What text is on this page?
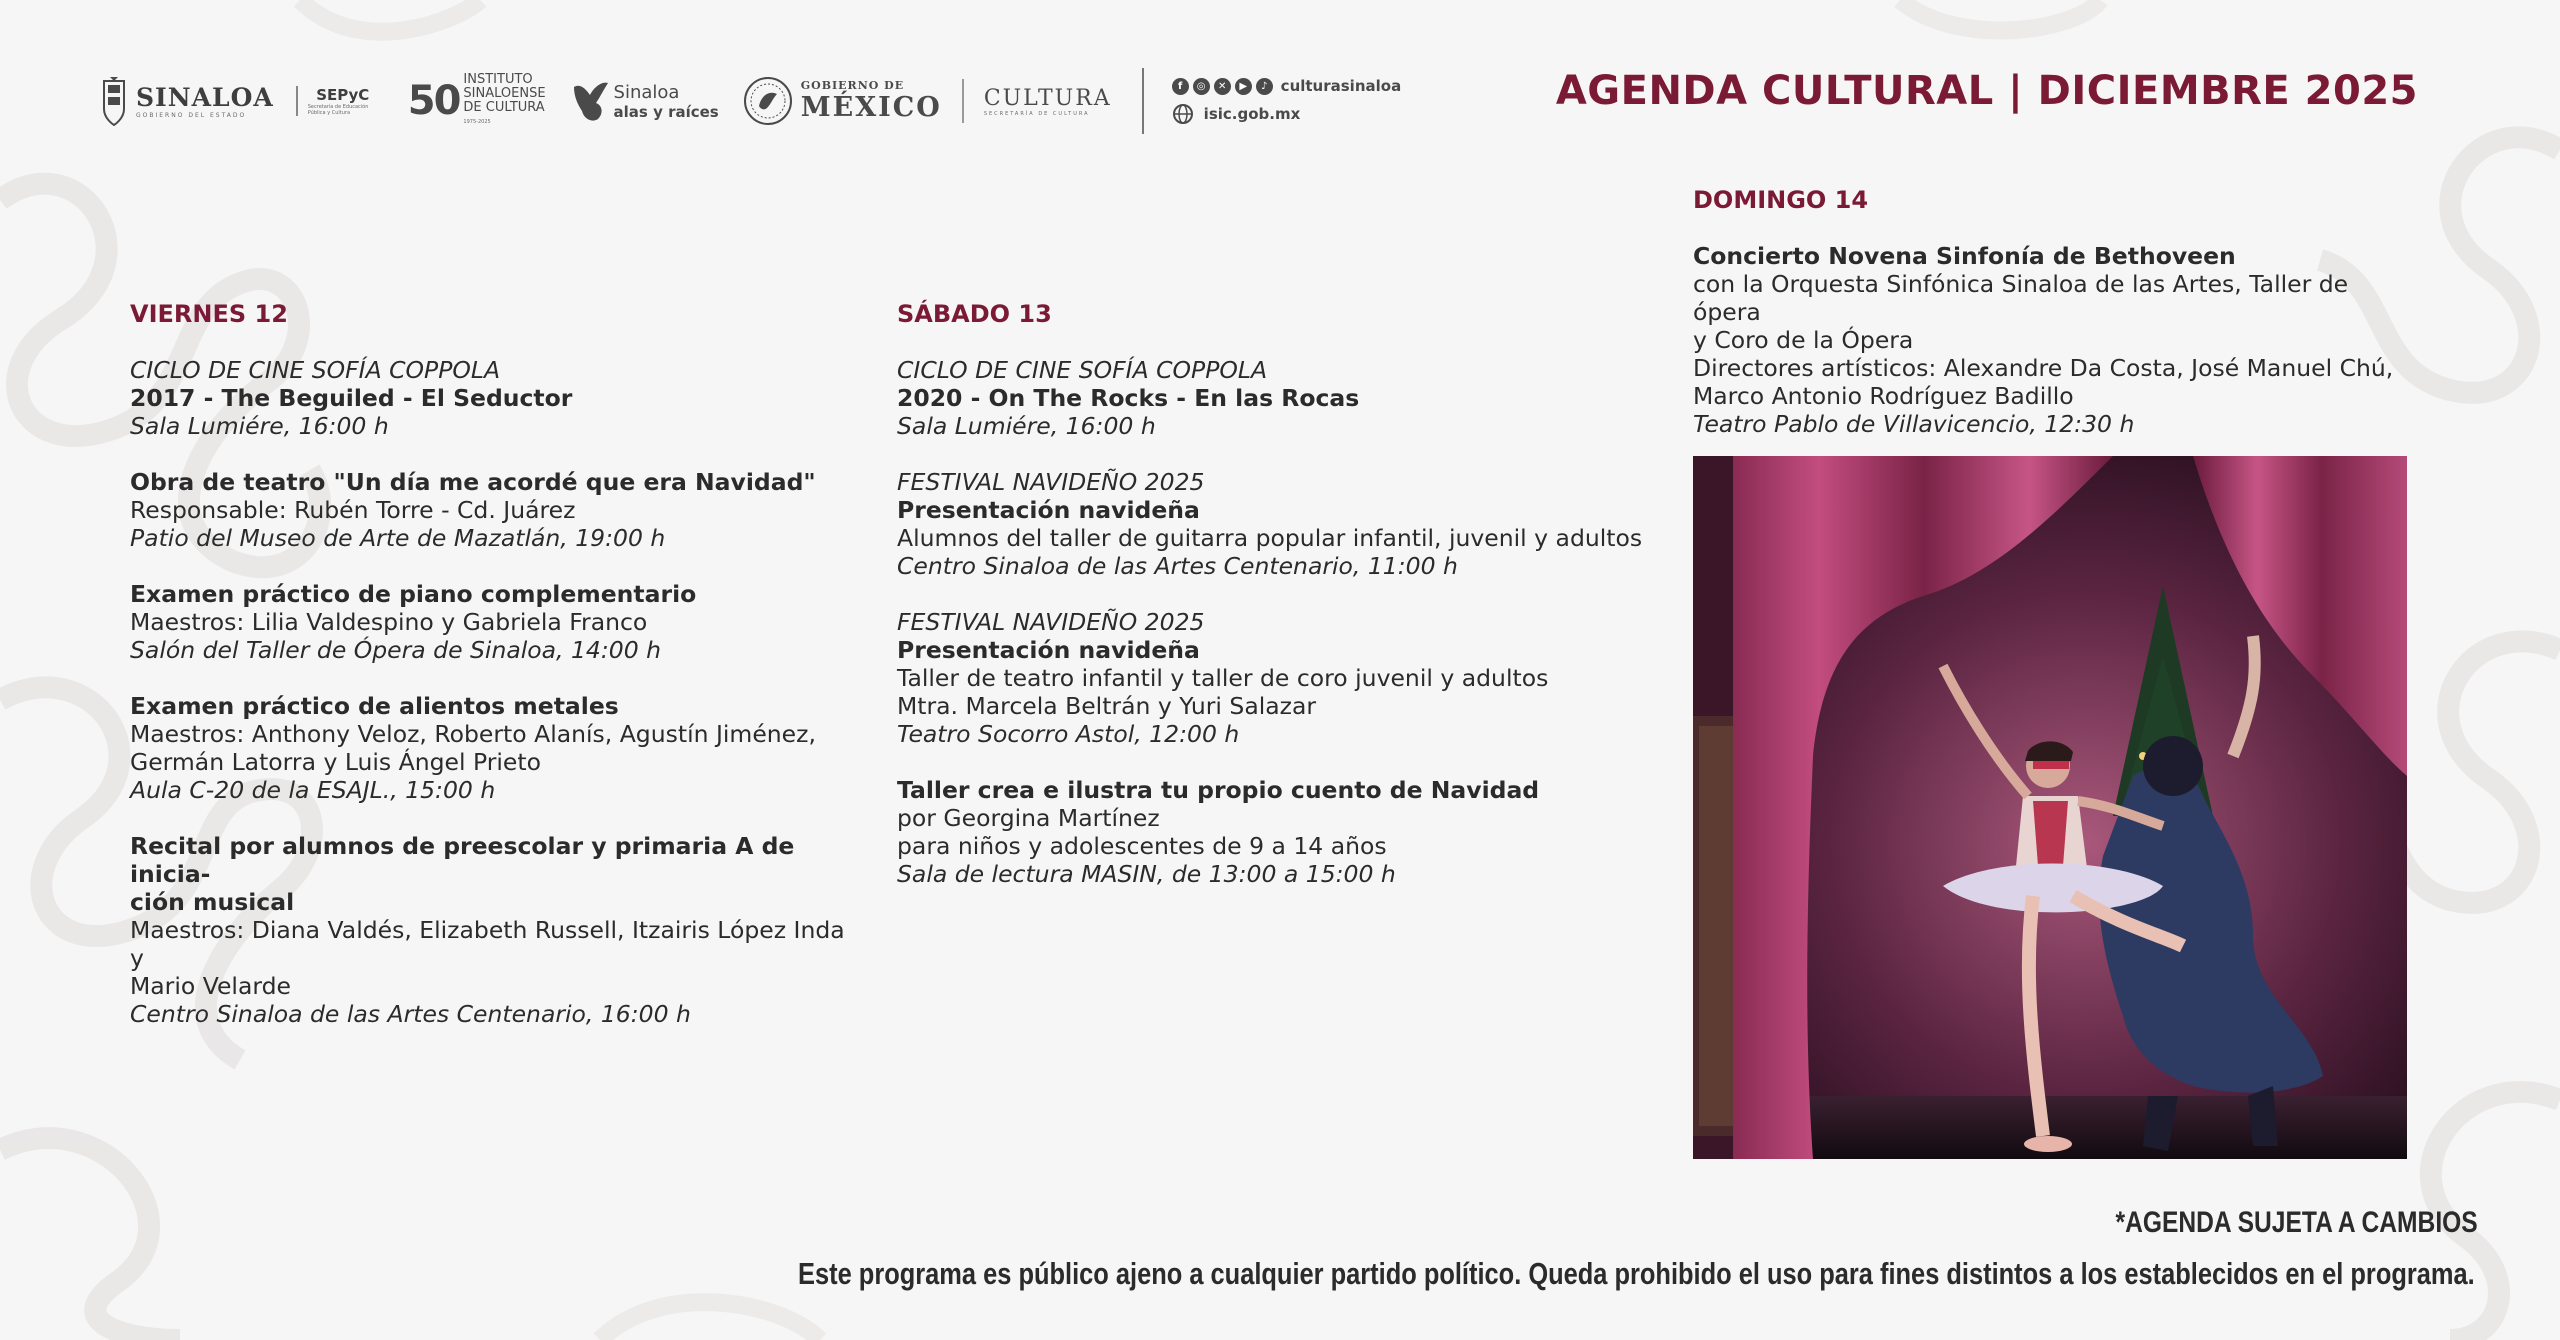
SINALOA
GOBIERNO DEL ESTADO
SEPyC
Secretaría de Educación Pública y Cultura	50 INSTITUTO
SINALOENSE
DE CULTURA
1975-2025
Sinaloa
alas y raíces
GOBIERNO DE
MÉXICO CULTURA
SECRETARÍA DE CULTURA
f	◎	✕	▶	♪ culturasinaloa
isic.gob.mx	AGENDA CULTURAL | DICIEMBRE 2025
VIERNES 12

CICLO DE CINE SOFÍA COPPOLA

2017 - The Beguiled - El Seductor

Sala Lumiére, 16:00 h

Obra de teatro "Un día me acordé que era Navidad"

Responsable: Rubén Torre - Cd. Juárez

Patio del Museo de Arte de Mazatlán, 19:00 h

Examen práctico de piano complementario

Maestros: Lilia Valdespino y Gabriela Franco

Salón del Taller de Ópera de Sinaloa, 14:00 h

Examen práctico de alientos metales

Maestros: Anthony Veloz, Roberto Alanís, Agustín Jiménez,

Germán Latorra y Luis Ángel Prieto

Aula C-20 de la ESAJL., 15:00 h

Recital por alumnos de preescolar y primaria A de inicia-

ción musical

Maestros: Diana Valdés, Elizabeth Russell, Itzairis López Inda y

Mario Velarde

Centro Sinaloa de las Artes Centenario, 16:00 h

SÁBADO 13

CICLO DE CINE SOFÍA COPPOLA

2020 - On The Rocks - En las Rocas

Sala Lumiére, 16:00 h

FESTIVAL NAVIDEÑO 2025

Presentación navideña

Alumnos del taller de guitarra popular infantil, juvenil y adultos

Centro Sinaloa de las Artes Centenario, 11:00 h

FESTIVAL NAVIDEÑO 2025

Presentación navideña

Taller de teatro infantil y taller de coro juvenil y adultos

Mtra. Marcela Beltrán y Yuri Salazar

Teatro Socorro Astol, 12:00 h

Taller crea e ilustra tu propio cuento de Navidad

por Georgina Martínez

para niños y adolescentes de 9 a 14 años

Sala de lectura MASIN, de 13:00 a 15:00 h

DOMINGO 14

Concierto Novena Sinfonía de Bethoveen

con la Orquesta Sinfónica Sinaloa de las Artes, Taller de ópera

y Coro de la Ópera

Directores artísticos: Alexandre Da Costa, José Manuel Chú,

Marco Antonio Rodríguez Badillo

Teatro Pablo de Villavicencio, 12:30 h

*AGENDA SUJETA A CAMBIOS
Este programa es público ajeno a cualquier partido político. Queda prohibido el uso para fines distintos a los establecidos en el programa.
